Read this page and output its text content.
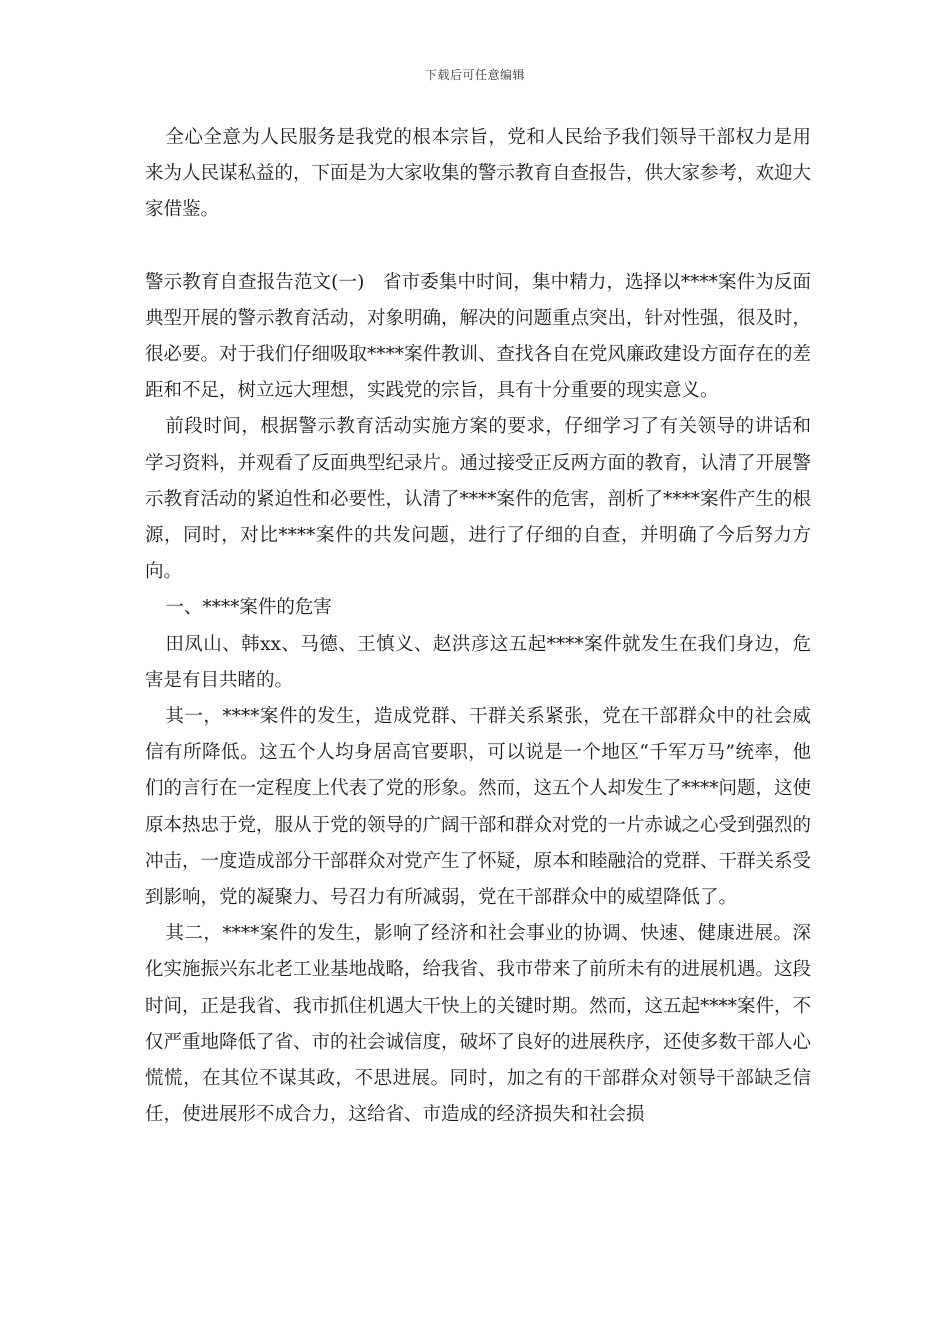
下载后可任意编辑

全心全意为人民服务是我党的根本宗旨，党和人民给予我们领导干部权力是用来为人民谋私益的，下面是为大家收集的警示教育自查报告，供大家参考，欢迎大家借鉴。

警示教育自查报告范文(一)　省市委集中时间，集中精力，选择以****案件为反面典型开展的警示教育活动，对象明确，解决的问题重点突出，针对性强，很及时，很必要。对于我们仔细吸取****案件教训、查找各自在党风廉政建设方面存在的差距和不足，树立远大理想，实践党的宗旨，具有十分重要的现实意义。

前段时间，根据警示教育活动实施方案的要求，仔细学习了有关领导的讲话和学习资料，并观看了反面典型纪录片。通过接受正反两方面的教育，认清了开展警示教育活动的紧迫性和必要性，认清了****案件的危害，剖析了****案件产生的根源，同时，对比****案件的共发问题，进行了仔细的自查，并明确了今后努力方向。

一、****案件的危害

田凤山、韩xx、马德、王慎义、赵洪彦这五起****案件就发生在我们身边，危害是有目共睹的。

其一，****案件的发生，造成党群、干群关系紧张，党在干部群众中的社会威信有所降低。这五个人均身居高官要职，可以说是一个地区“千军万马”统率，他们的言行在一定程度上代表了党的形象。然而，这五个人却发生了****问题，这使原本热忠于党，服从于党的领导的广阔干部和群众对党的一片赤诚之心受到强烈的冲击，一度造成部分干部群众对党产生了怀疑，原本和睦融洽的党群、干群关系受到影响，党的凝聚力、号召力有所减弱，党在干部群众中的威望降低了。

其二，****案件的发生，影响了经济和社会事业的协调、快速、健康进展。深化实施振兴东北老工业基地战略，给我省、我市带来了前所未有的进展机遇。这段时间，正是我省、我市抓住机遇大干快上的关键时期。然而，这五起****案件，不仅严重地降低了省、市的社会诚信度，破坏了良好的进展秩序，还使多数干部人心慌慌，在其位不谋其政，不思进展。同时，加之有的干部群众对领导干部缺乏信任，使进展形不成合力，这给省、市造成的经济损失和社会损
